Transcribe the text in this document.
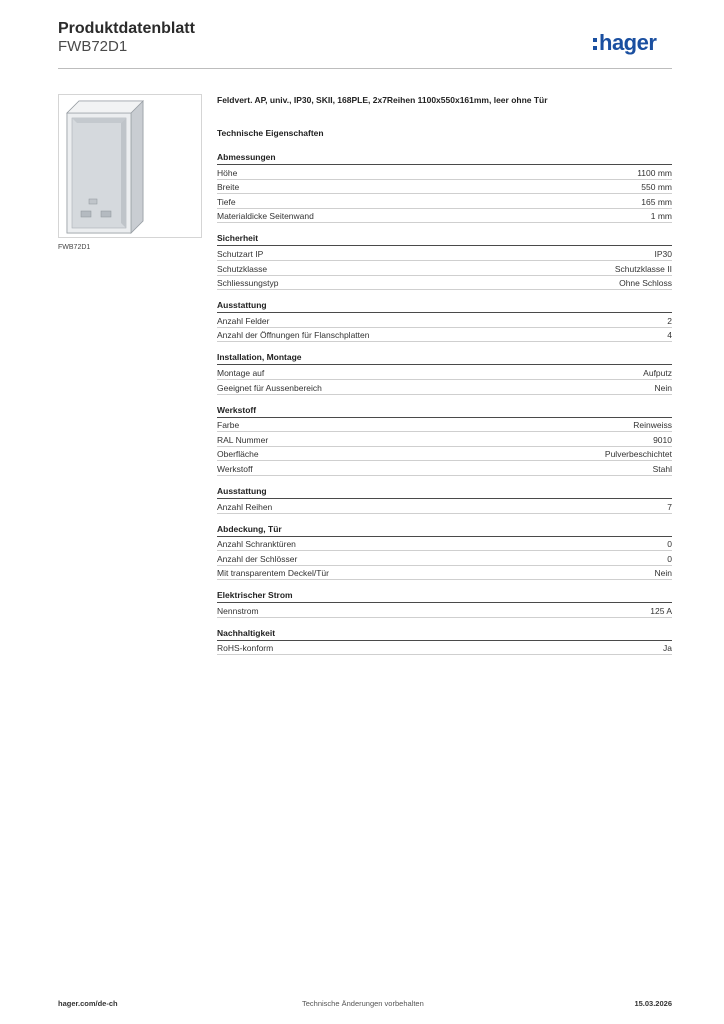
Produktdatenblatt
FWB72D1	hager
FWB72D1
Feldvert. AP, univ., IP30, SKII, 168PLE, 2x7Reihen 1100x550x161mm, leer ohne Tür
Technische Eigenschaften
Abmessungen
Höhe	1100 mm
Breite	550 mm
Tiefe	165 mm
Materialdicke Seitenwand	1 mm
Sicherheit
Schutzart IP	IP30
Schutzklasse	Schutzklasse II
Schliessungstyp	Ohne Schloss
Ausstattung
Anzahl Felder	2
Anzahl der Öffnungen für Flanschplatten	4
Installation, Montage
Montage auf	Aufputz
Geeignet für Aussenbereich	Nein
Werkstoff
Farbe	Reinweiss
RAL Nummer	9010
Oberfläche	Pulverbeschichtet
Werkstoff	Stahl
Ausstattung
Anzahl Reihen	7
Abdeckung, Tür
Anzahl Schranktüren	0
Anzahl der Schlösser	0
Mit transparentem Deckel/Tür	Nein
Elektrischer Strom
Nennstrom	125 A
Nachhaltigkeit
RoHS-konform	Ja
hager.com/de-ch	Technische Änderungen vorbehalten	15.03.2026
